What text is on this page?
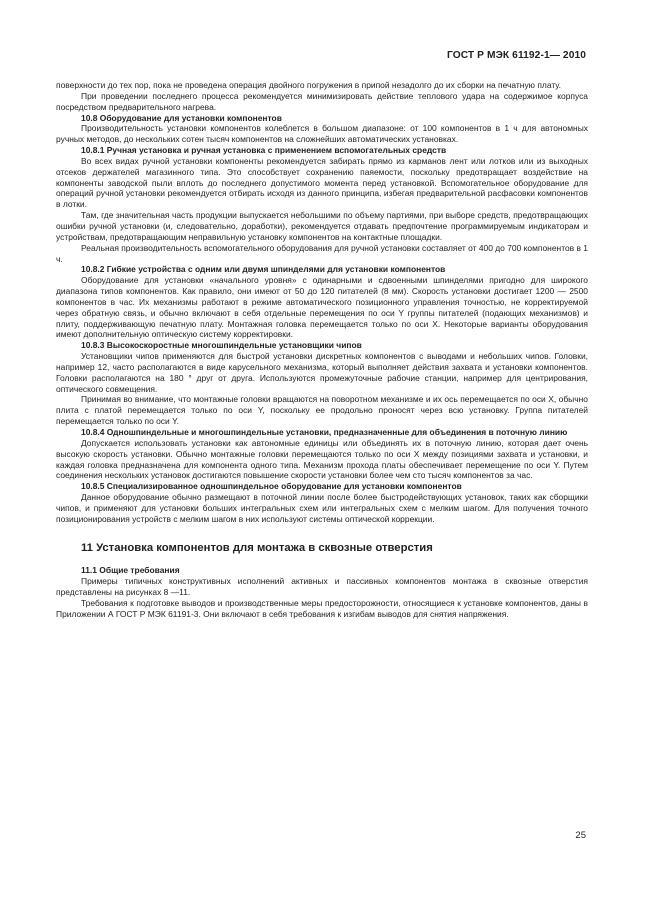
ГОСТ Р МЭК 61192-1— 2010

поверхности до тех пор, пока не проведена операция двойного погружения в припой незадолго до их сборки на печатную плату.

При проведении последнего процесса рекомендуется минимизировать действие теплового удара на содержимое корпуса посредством предварительного нагрева.

10.8 Оборудование для установки компонентов

Производительность установки компонентов колеблется в большом диапазоне: от 100 компонентов в 1 ч для автономных ручных методов, до нескольких сотен тысяч компонентов на сложнейших автоматических установках.

10.8.1 Ручная установка и ручная установка с применением вспомогательных средств

Во всех видах ручной установки компоненты рекомендуется забирать прямо из карманов лент или лотков или из выходных отсеков держателей магазинного типа. Это способствует сохранению паяемости, поскольку предотвращает воздействие на компоненты заводской пыли вплоть до последнего допустимого момента перед установкой. Вспомогательное оборудование для операций ручной установки рекомендуется отбирать исходя из данного принципа, избегая предварительной расфасовки компонентов в лотки.

Там, где значительная часть продукции выпускается небольшими по объему партиями, при выборе средств, предотвращающих ошибки ручной установки (и, следовательно, доработки), рекомендуется отдавать предпочтение программируемым индикаторам и устройствам, предотвращающим неправильную установку компонентов на контактные площадки.

Реальная производительность вспомогательного оборудования для ручной установки составляет от 400 до 700 компонентов в 1 ч.

10.8.2 Гибкие устройства с одним или двумя шпинделями для установки компонентов

Оборудование для установки «начального уровня» с одинарными и сдвоенными шпинделями пригодно для широкого диапазона типов компонентов. Как правило, они имеют от 50 до 120 питателей (8 мм). Скорость установки достигает 1200 — 2500 компонентов в час. Их механизмы работают в режиме автоматического позиционного управления точностью, не корректируемой через обратную связь, и обычно включают в себя отдельные перемещения по оси Y группы питателей (подающих механизмов) и плиту, поддерживающую печатную плату. Монтажная головка перемещается только по оси X. Некоторые варианты оборудования имеют дополнительную оптическую систему корректировки.

10.8.3 Высокоскоростные многошпиндельные установщики чипов

Установщики чипов применяются для быстрой установки дискретных компонентов с выводами и небольших чипов. Головки, например 12, часто располагаются в виде карусельного механизма, который выполняет действия захвата и установки компонентов. Головки располагаются на 180 ° друг от друга. Используются промежуточные рабочие станции, например для центрирования, оптического совмещения.

Принимая во внимание, что монтажные головки вращаются на поворотном механизме и их ось перемещается по оси X, обычно плита с платой перемещается только по оси Y, поскольку ее продольно проносят через всю установку. Группа питателей перемещается только по оси Y.

10.8.4 Одношпиндельные и многошпиндельные установки, предназначенные для объединения в поточную линию

Допускается использовать установки как автономные единицы или объединять их в поточную линию, которая дает очень высокую скорость установки. Обычно монтажные головки перемещаются только по оси X между позициями захвата и установки, и каждая головка предназначена для компонента одного типа. Механизм прохода платы обеспечивает перемещение по оси Y. Путем соединения нескольких установок достигаются повышение скорости установки более чем сто тысяч компонентов за час.

10.8.5 Специализированное одношпиндельное оборудование для установки компонентов

Данное оборудование обычно размещают в поточной линии после более быстродействующих установок, таких как сборщики чипов, и применяют для установки больших интегральных схем или интегральных схем с мелким шагом. Для получения точного позиционирования устройств с мелким шагом в них используют системы оптической коррекции.

11 Установка компонентов для монтажа в сквозные отверстия
11.1 Общие требования

Примеры типичных конструктивных исполнений активных и пассивных компонентов монтажа в сквозные отверстия представлены на рисунках 8 —11.

Требования к подготовке выводов и производственные меры предосторожности, относящиеся к установке компонентов, даны в Приложении А ГОСТ Р МЭК 61191-3. Они включают в себя требования к изгибам выводов для снятия напряжения.

25
